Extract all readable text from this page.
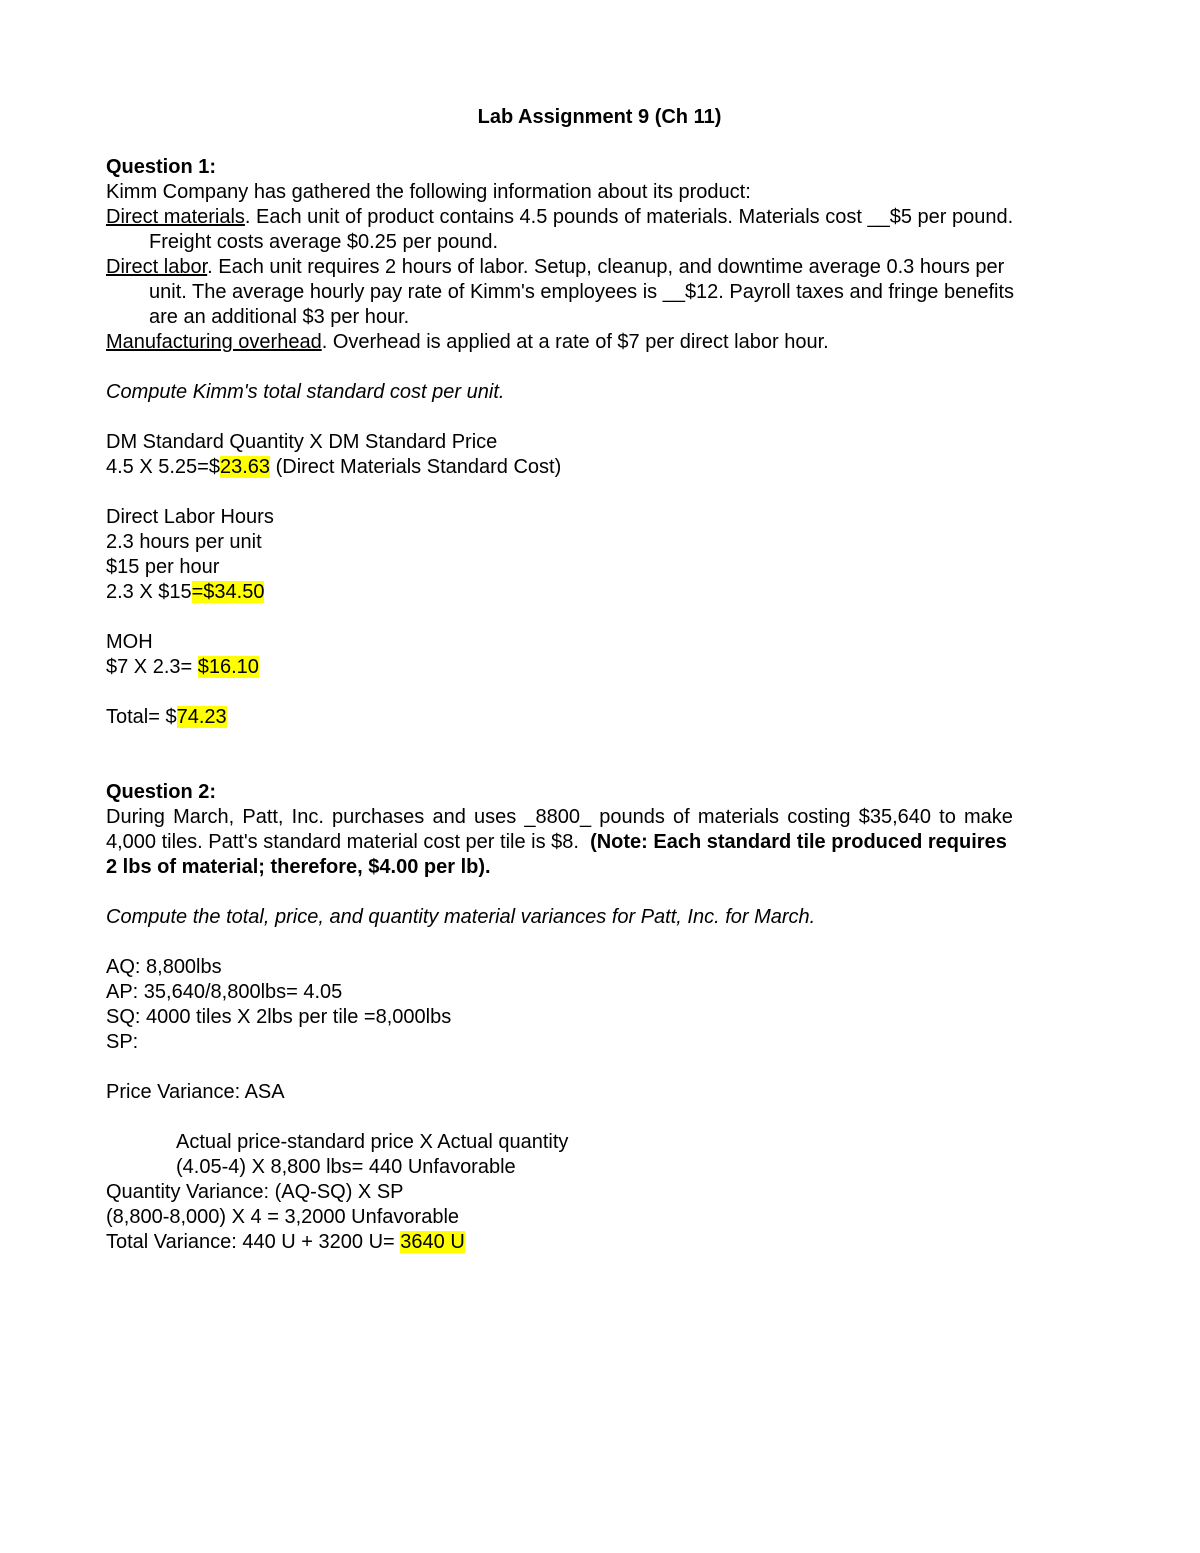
Lab Assignment 9 (Ch 11)
Question 1:
Kimm Company has gathered the following information about its product:
Direct materials. Each unit of product contains 4.5 pounds of materials. Materials cost __$5 per pound.
Freight costs average $0.25 per pound.
Direct labor. Each unit requires 2 hours of labor. Setup, cleanup, and downtime average 0.3 hours per
unit. The average hourly pay rate of Kimm's employees is __$12. Payroll taxes and fringe benefits
are an additional $3 per hour.
Manufacturing overhead. Overhead is applied at a rate of $7 per direct labor hour.
Compute Kimm's total standard cost per unit.
DM Standard Quantity X DM Standard Price
4.5 X 5.25=$23.63 (Direct Materials Standard Cost)
Direct Labor Hours
2.3 hours per unit
$15 per hour
2.3 X $15=$34.50
MOH
$7 X 2.3= $16.10
Total= $74.23
Question 2:
During March, Patt, Inc. purchases and uses _8800_ pounds of materials costing $35,640 to make
4,000 tiles. Patt's standard material cost per tile is $8. (Note: Each standard tile produced requires
2 lbs of material; therefore, $4.00 per lb).
Compute the total, price, and quantity material variances for Patt, Inc. for March.
AQ: 8,800lbs
AP: 35,640/8,800lbs= 4.05
SQ: 4000 tiles X 2lbs per tile =8,000lbs
SP:
Price Variance: ASA
Actual price-standard price X Actual quantity
(4.05-4) X 8,800 lbs= 440 Unfavorable
Quantity Variance: (AQ-SQ) X SP
(8,800-8,000) X 4 = 3,2000 Unfavorable
Total Variance: 440 U + 3200 U= 3640 U
